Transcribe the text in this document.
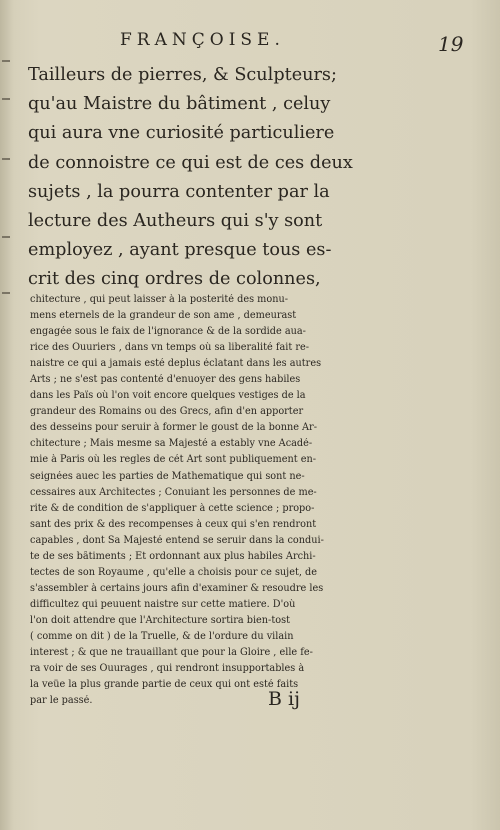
FRANÇOISE.	19
Tailleurs de pierres, & Sculpteurs;
qu'au Maistre du bâtiment , celuy
qui aura vne curiosité particuliere
de connoistre ce qui est de ces deux
sujets , la pourra contenter par la
lecture des Autheurs qui s'y sont
employez , ayant presque tous es-
crit des cinq ordres de colonnes,
chitecture , qui peut laisser à la posterité des monu-
mens eternels de la grandeur de son ame , demeurast
engagée sous le faix de l'ignorance & de la sordide aua-
rice des Ouuriers , dans vn temps où sa liberalité fait re-
naistre ce qui a jamais esté deplus éclatant dans les autres
Arts ; ne s'est pas contenté d'enuoyer des gens habiles
dans les Païs où l'on voit encore quelques vestiges de la
grandeur des Romains ou des Grecs, afin d'en apporter
des desseins pour seruir à former le goust de la bonne Ar-
chitecture ; Mais mesme sa Majesté a estably vne Acadé-
mie à Paris où les regles de cét Art sont publiquement en-
seignées auec les parties de Mathematique qui sont ne-
cessaires aux Architectes ; Conuiant les personnes de me-
rite & de condition de s'appliquer à cette science ; propo-
sant des prix & des recompenses à ceux qui s'en rendront
capables , dont Sa Majesté entend se seruir dans la condui-
te de ses bâtiments ; Et ordonnant aux plus habiles Archi-
tectes de son Royaume , qu'elle a choisis pour ce sujet, de
s'assembler à certains jours afin d'examiner & resoudre les
difficultez qui peuuent naistre sur cette matiere. D'où
l'on doit attendre que l'Architecture sortira bien-tost
( comme on dit ) de la Truelle, & de l'ordure du vilain
interest ; & que ne trauaillant que pour la Gloire , elle fe-
ra voir de ses Ouurages , qui rendront insupportables à
la veüe la plus grande partie de ceux qui ont esté faits
par le passé.	B ij
